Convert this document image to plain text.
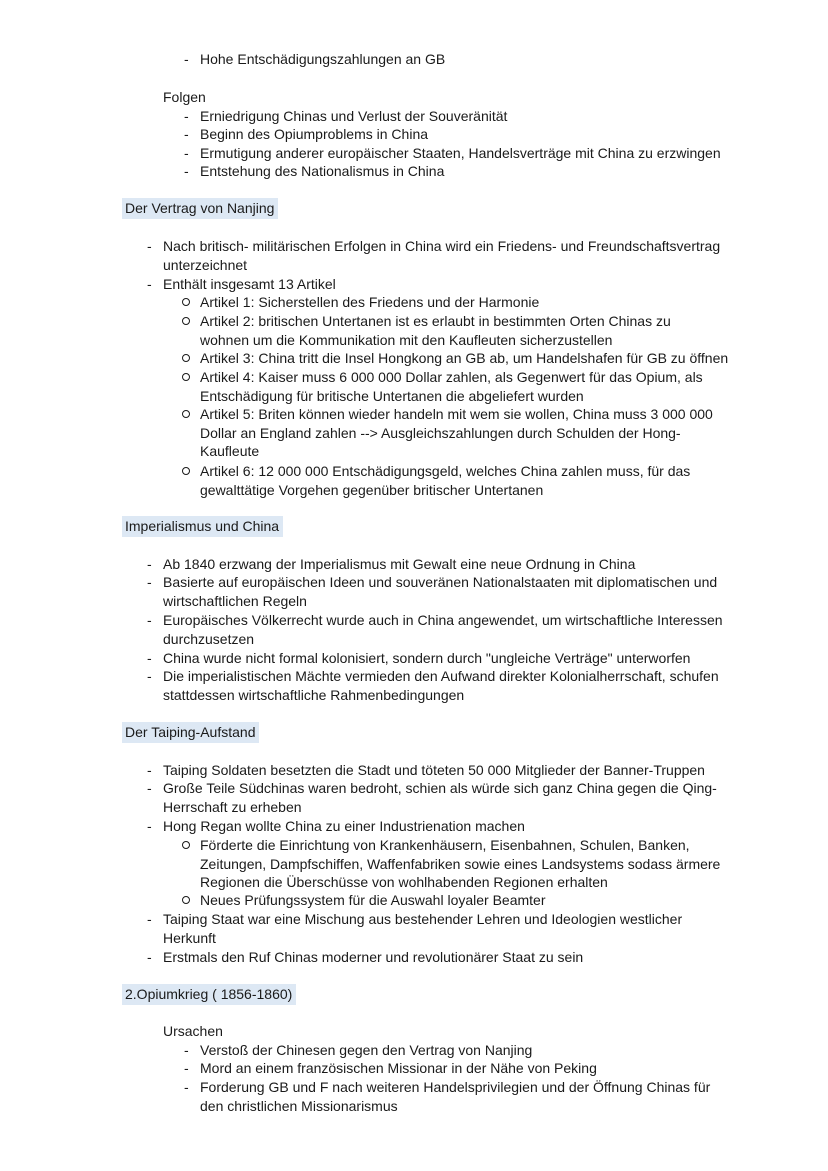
- Hohe Entschädigungszahlungen an GB
Folgen
- Erniedrigung Chinas und Verlust der Souveränität
- Beginn des Opiumproblems in China
- Ermutigung anderer europäischer Staaten, Handelsverträge mit China zu erzwingen
- Entstehung des Nationalismus in China
Der Vertrag von Nanjing
- Nach britisch- militärischen Erfolgen in China wird ein Friedens- und Freundschaftsvertrag
unterzeichnet
- Enthält insgesamt 13 Artikel
Artikel 1: Sicherstellen des Friedens und der Harmonie
Artikel 2: britischen Untertanen ist es erlaubt in bestimmten Orten Chinas zu
wohnen um die Kommunikation mit den Kaufleuten sicherzustellen
Artikel 3: China tritt die Insel Hongkong an GB ab, um Handelshafen für GB zu öffnen
Artikel 4: Kaiser muss 6 000 000 Dollar zahlen, als Gegenwert für das Opium, als
Entschädigung für britische Untertanen die abgeliefert wurden
Artikel 5: Briten können wieder handeln mit wem sie wollen, China muss 3 000 000
Dollar an England zahlen --> Ausgleichszahlungen durch Schulden der Hong-
Kaufleute
Artikel 6: 12 000 000 Entschädigungsgeld, welches China zahlen muss, für das
gewalttätige Vorgehen gegenüber britischer Untertanen
Imperialismus und China
- Ab 1840 erzwang der Imperialismus mit Gewalt eine neue Ordnung in China
- Basierte auf europäischen Ideen und souveränen Nationalstaaten mit diplomatischen und
wirtschaftlichen Regeln
- Europäisches Völkerrecht wurde auch in China angewendet, um wirtschaftliche Interessen
durchzusetzen
- China wurde nicht formal kolonisiert, sondern durch "ungleiche Verträge" unterworfen
- Die imperialistischen Mächte vermieden den Aufwand direkter Kolonialherrschaft, schufen
stattdessen wirtschaftliche Rahmenbedingungen
Der Taiping-Aufstand
- Taiping Soldaten besetzten die Stadt und töteten 50 000 Mitglieder der Banner-Truppen
- Große Teile Südchinas waren bedroht, schien als würde sich ganz China gegen die Qing-
Herrschaft zu erheben
- Hong Regan wollte China zu einer Industrienation machen
Förderte die Einrichtung von Krankenhäusern, Eisenbahnen, Schulen, Banken,
Zeitungen, Dampfschiffen, Waffenfabriken sowie eines Landsystems sodass ärmere
Regionen die Überschüsse von wohlhabenden Regionen erhalten
Neues Prüfungssystem für die Auswahl loyaler Beamter
- Taiping Staat war eine Mischung aus bestehender Lehren und Ideologien westlicher
Herkunft
- Erstmals den Ruf Chinas moderner und revolutionärer Staat zu sein
2.Opiumkrieg ( 1856-1860)
Ursachen
- Verstoß der Chinesen gegen den Vertrag von Nanjing
- Mord an einem französischen Missionar in der Nähe von Peking
- Forderung GB und F nach weiteren Handelsprivilegien und der Öffnung Chinas für
den christlichen Missionarismus
